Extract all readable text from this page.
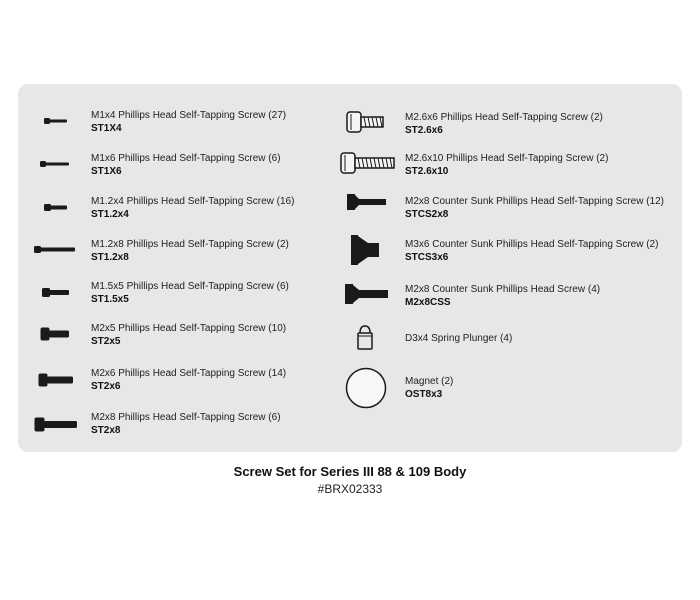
M1x4 Phillips Head Self-Tapping Screw (27)
ST1X4
M1x6 Phillips Head Self-Tapping Screw (6)
ST1X6
M1.2x4 Phillips Head Self-Tapping Screw (16)
ST1.2x4
M1.2x8 Phillips Head Self-Tapping Screw (2)
ST1.2x8
M1.5x5 Phillips Head Self-Tapping Screw (6)
ST1.5x5
M2x5 Phillips Head Self-Tapping Screw (10)
ST2x5
M2x6 Phillips Head Self-Tapping Screw (14)
ST2x6
M2x8 Phillips Head Self-Tapping Screw (6)
ST2x8
M2.6x6 Phillips Head Self-Tapping Screw (2)
ST2.6x6
M2.6x10 Phillips Head Self-Tapping Screw (2)
ST2.6x10
M2x8 Counter Sunk Phillips Head Self-Tapping Screw (12)
STCS2x8
M3x6 Counter Sunk Phillips Head Self-Tapping Screw (2)
STCS3x6
M2x8 Counter Sunk Phillips Head Screw (4)
M2x8CSS
D3x4 Spring Plunger (4)
Magnet (2)
OST8x3
Screw Set for Series III 88 & 109 Body
#BRX02333
